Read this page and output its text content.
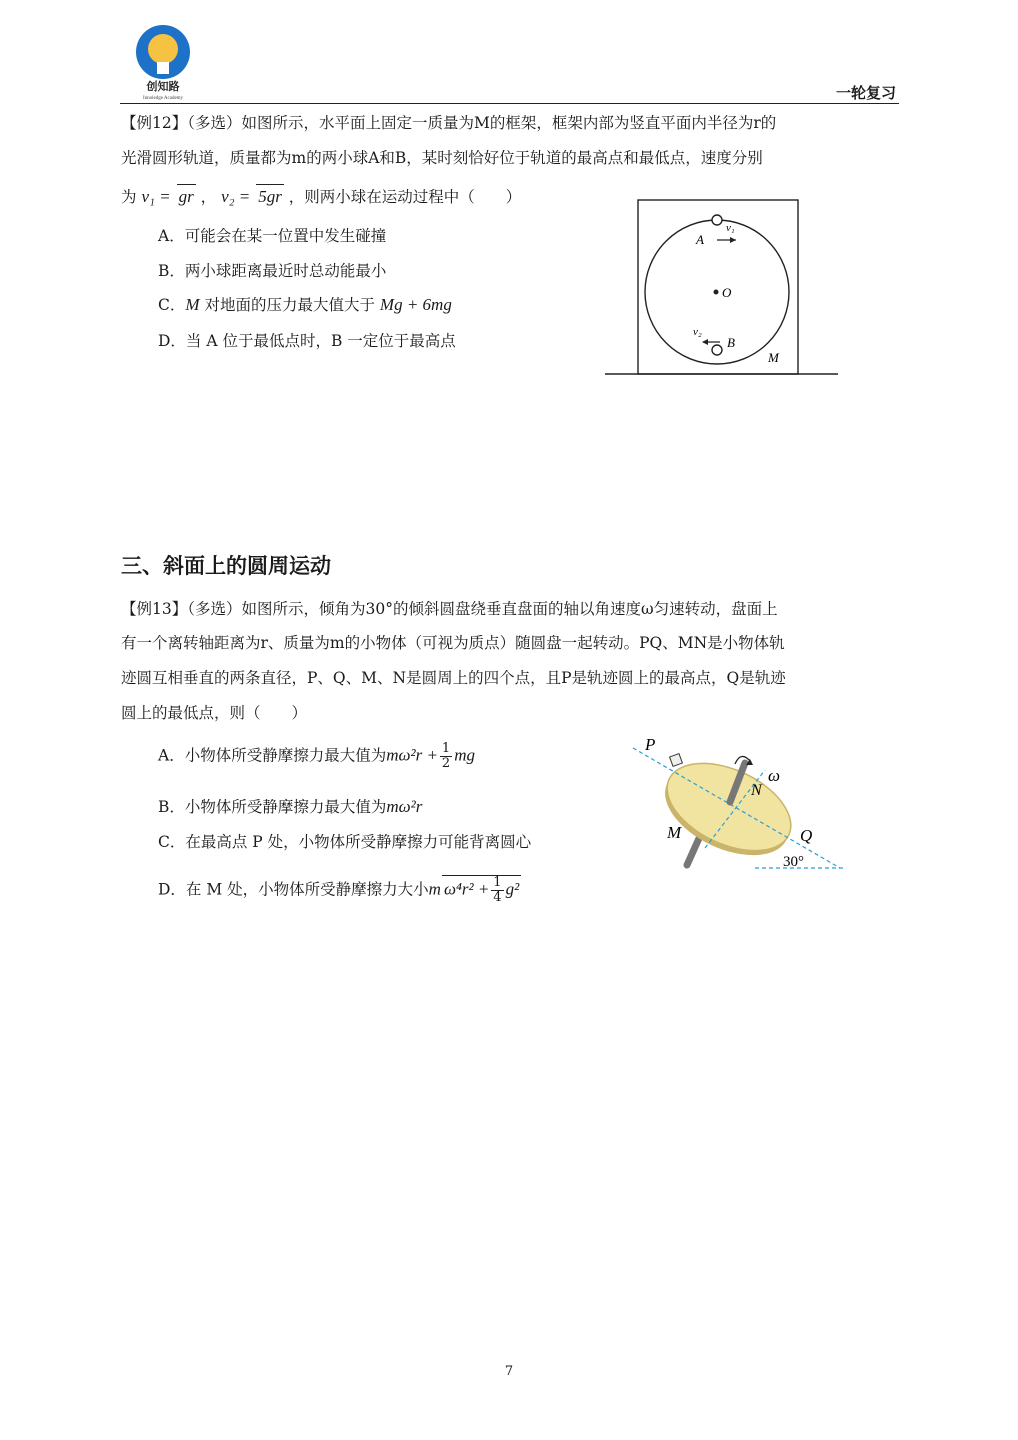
创知路
Innoledge Academy	一轮复习
【例12】（多选）如图所示，水平面上固定一质量为M的框架，框架内部为竖直平面内半径为r的
光滑圆形轨道，质量都为m的两小球A和B，某时刻恰好位于轨道的最高点和最低点，速度分别
为 v₁ = gr ， v₂ = 5gr ，则两小球在运动过程中（　　）
A．可能会在某一位置中发生碰撞
B．两小球距离最近时总动能最小
C．M 对地面的压力最大值大于 Mg + 6mg
D．当 A 位于最低点时，B 一定位于最高点
A
v₁
O
v₂
B
M
三、斜面上的圆周运动
【例13】（多选）如图所示，倾角为30°的倾斜圆盘绕垂直盘面的轴以角速度ω匀速转动，盘面上
有一个离转轴距离为r、质量为m的小物体（可视为质点）随圆盘一起转动。PQ、MN是小物体轨
迹圆互相垂直的两条直径，P、Q、M、N是圆周上的四个点，且P是轨迹圆上的最高点，Q是轨迹
圆上的最低点，则（　　）
A．小物体所受静摩擦力最大值为$m\omega^2r + \frac{1}{2}$ mg
B．小物体所受静摩擦力最大值为mω²r
C．在最高点 P 处，小物体所受静摩擦力可能背离圆心
D．在 M 处，小物体所受静摩擦力大小m $\omega^4r^2 + \frac{1}{4} g^2$
P
ω
N
M	Q
30°
7
